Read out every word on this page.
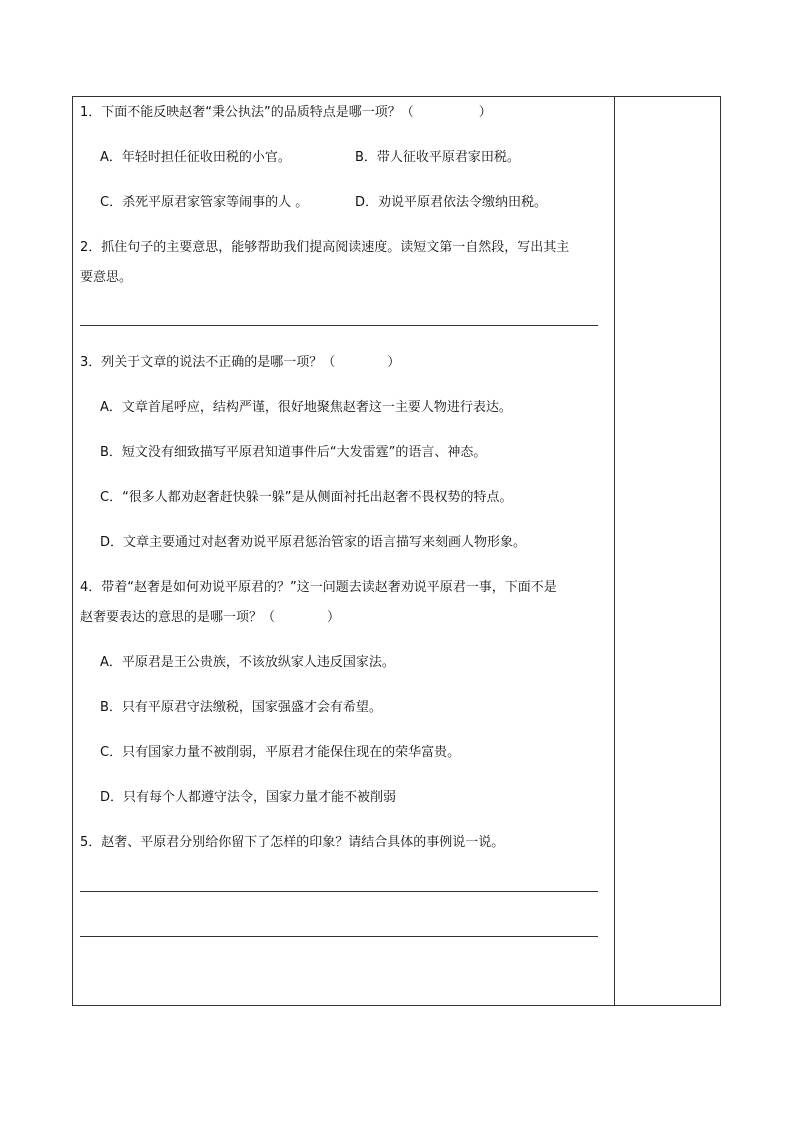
1．下面不能反映赵奢“秉公执法”的品质特点是哪一项？（　　　　　）
A．年轻时担任征收田税的小官。	B．带人征收平原君家田税。
C．杀死平原君家管家等闹事的人 。	D．劝说平原君依法令缴纳田税。
2．抓住句子的主要意思，能够帮助我们提高阅读速度。读短文第一自然段，写出其主
要意思。
3．列关于文章的说法不正确的是哪一项？（　　　　）
A．文章首尾呼应，结构严谨，很好地聚焦赵奢这一主要人物进行表达。
B．短文没有细致描写平原君知道事件后“大发雷霆”的语言、神态。
C．“很多人都劝赵奢赶快躲一躲”是从侧面衬托出赵奢不畏权势的特点。
D．文章主要通过对赵奢劝说平原君惩治管家的语言描写来刻画人物形象。
4．带着“赵奢是如何劝说平原君的？”这一问题去读赵奢劝说平原君一事，下面不是
赵奢要表达的意思的是哪一项？（　　　　）
A．平原君是王公贵族，不该放纵家人违反国家法。
B．只有平原君守法缴税，国家强盛才会有希望。
C．只有国家力量不被削弱，平原君才能保住现在的荣华富贵。
D．只有每个人都遵守法令，国家力量才能不被削弱
5．赵奢、平原君分别给你留下了怎样的印象？请结合具体的事例说一说。
